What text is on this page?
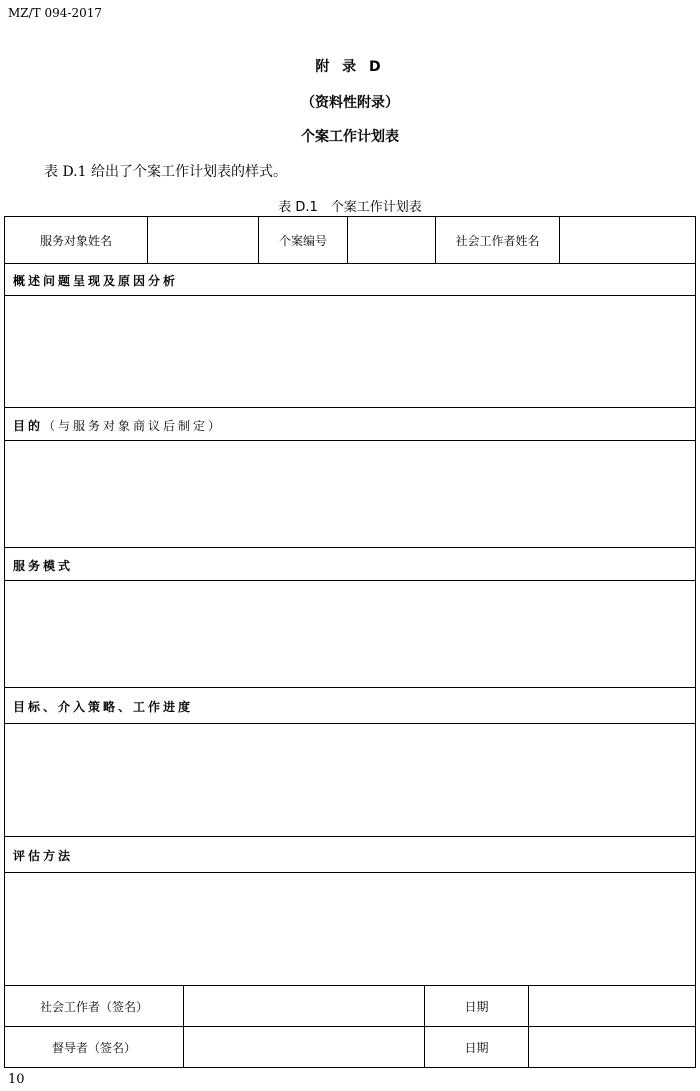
MZ/T 094-2017
附 录 D
（资料性附录）
个案工作计划表
表 D.1 给出了个案工作计划表的样式。
表 D.1　个案工作计划表
服务对象姓名	个案编号	社会工作者姓名
概述问题呈现及原因分析
目的（与服务对象商议后制定）
服务模式
目标、介入策略、工作进度
评估方法
社会工作者（签名）	日期
督导者（签名）	日期
10
